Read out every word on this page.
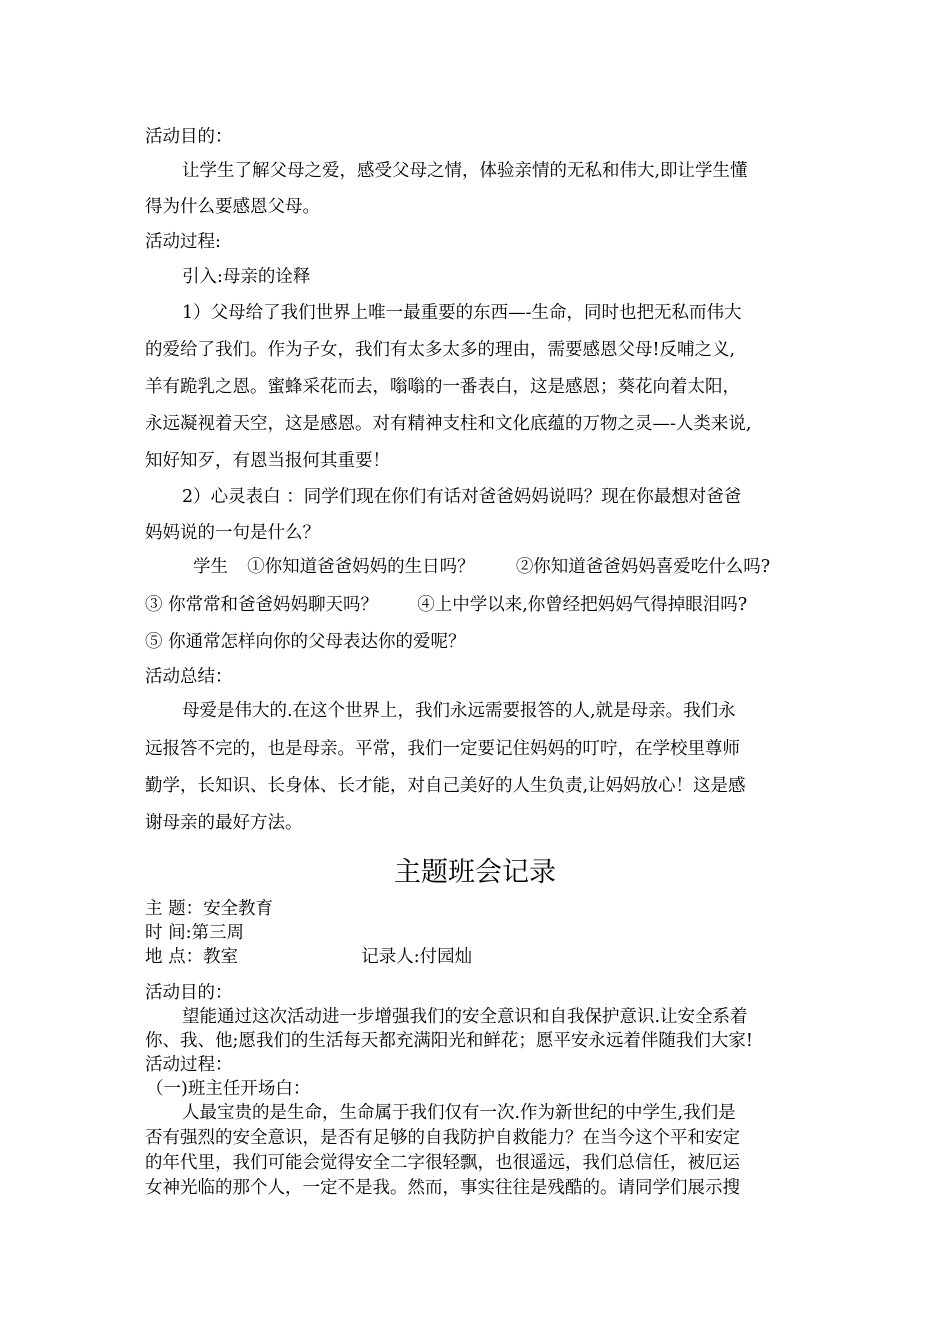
活动目的：
让学生了解父母之爱，感受父母之情，体验亲情的无私和伟大,即让学生懂
得为什么要感恩父母。
活动过程:
引入:母亲的诠释
1）父母给了我们世界上唯一最重要的东西—-生命，同时也把无私而伟大
的爱给了我们。作为子女，我们有太多太多的理由，需要感恩父母!反哺之义,
羊有跪乳之恩。蜜蜂采花而去，嗡嗡的一番表白，这是感恩；葵花向着太阳，
永远凝视着天空，这是感恩。对有精神支柱和文化底蕴的万物之灵—-人类来说,
知好知歹，有恩当报何其重要！
2）心灵表白 ：同学们现在你们有话对爸爸妈妈说吗？现在你最想对爸爸
妈妈说的一句是什么？
学生 ①你知道爸爸妈妈的生日吗？ ②你知道爸爸妈妈喜爱吃什么吗?
③ 你常常和爸爸妈妈聊天吗？ ④上中学以来,你曾经把妈妈气得掉眼泪吗?
⑤ 你通常怎样向你的父母表达你的爱呢？
活动总结：
母爱是伟大的.在这个世界上，我们永远需要报答的人,就是母亲。我们永
远报答不完的，也是母亲。平常，我们一定要记住妈妈的叮咛，在学校里尊师
勤学，长知识、长身体、长才能，对自己美好的人生负责,让妈妈放心！这是感
谢母亲的最好方法。
主题班会记录
主 题：安全教育
时 间:第三周
地 点：教室	记录人:付园灿
活动目的：
望能通过这次活动进一步增强我们的安全意识和自我保护意识.让安全系着
你、我、他;愿我们的生活每天都充满阳光和鲜花；愿平安永远着伴随我们大家!
活动过程：
（一)班主任开场白：
人最宝贵的是生命，生命属于我们仅有一次.作为新世纪的中学生,我们是
否有强烈的安全意识，是否有足够的自我防护自救能力？在当今这个平和安定
的年代里，我们可能会觉得安全二字很轻飘，也很遥远，我们总信任，被厄运
女神光临的那个人，一定不是我。然而，事实往往是残酷的。请同学们展示搜
